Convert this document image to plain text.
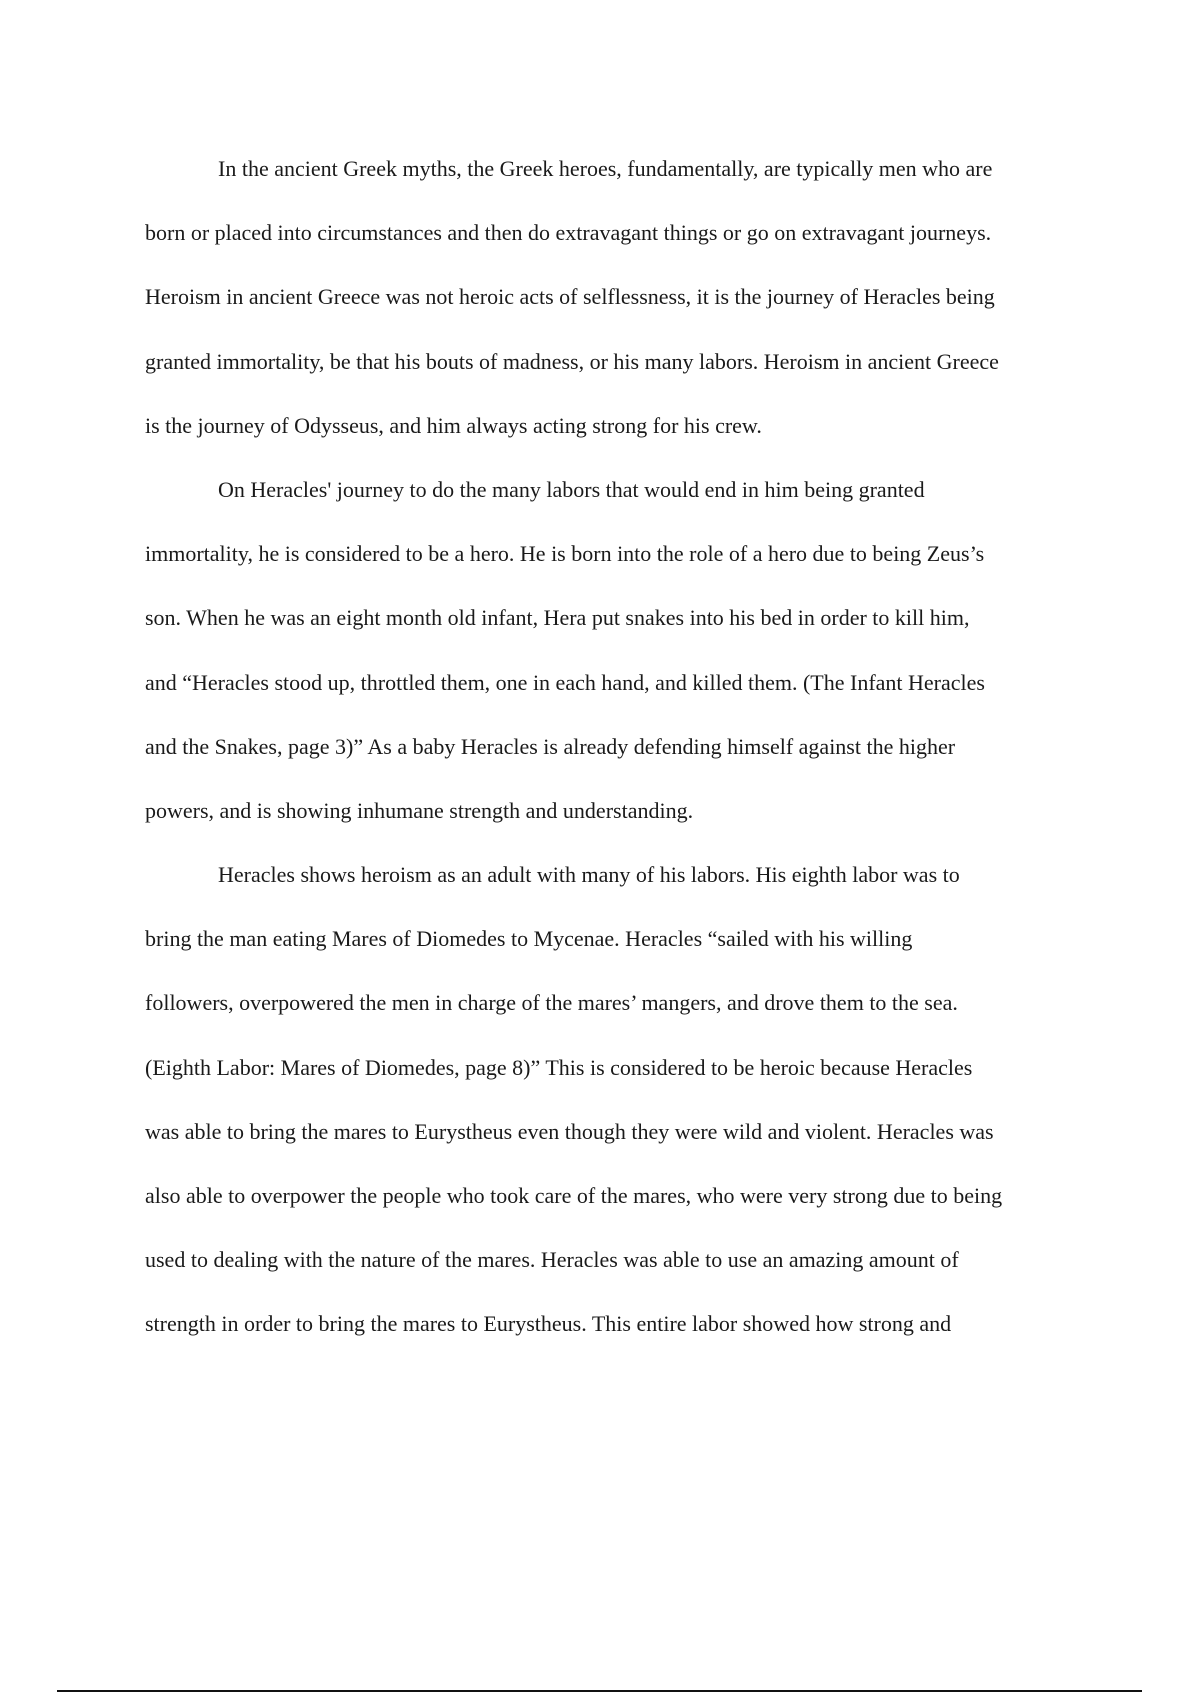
In the ancient Greek myths, the Greek heroes, fundamentally, are typically men who are
born or placed into circumstances and then do extravagant things or go on extravagant journeys.
Heroism in ancient Greece was not heroic acts of selflessness, it is the journey of Heracles being
granted immortality, be that his bouts of madness, or his many labors. Heroism in ancient Greece
is the journey of Odysseus, and him always acting strong for his crew.
On Heracles' journey to do the many labors that would end in him being granted
immortality, he is considered to be a hero. He is born into the role of a hero due to being Zeus’s
son. When he was an eight month old infant, Hera put snakes into his bed in order to kill him,
and “Heracles stood up, throttled them, one in each hand, and killed them. (The Infant Heracles
and the Snakes, page 3)” As a baby Heracles is already defending himself against the higher
powers, and is showing inhumane strength and understanding.
Heracles shows heroism as an adult with many of his labors. His eighth labor was to
bring the man eating Mares of Diomedes to Mycenae. Heracles “sailed with his willing
followers, overpowered the men in charge of the mares’ mangers, and drove them to the sea.
(Eighth Labor: Mares of Diomedes, page 8)” This is considered to be heroic because Heracles
was able to bring the mares to Eurystheus even though they were wild and violent. Heracles was
also able to overpower the people who took care of the mares, who were very strong due to being
used to dealing with the nature of the mares. Heracles was able to use an amazing amount of
strength in order to bring the mares to Eurystheus. This entire labor showed how strong and
